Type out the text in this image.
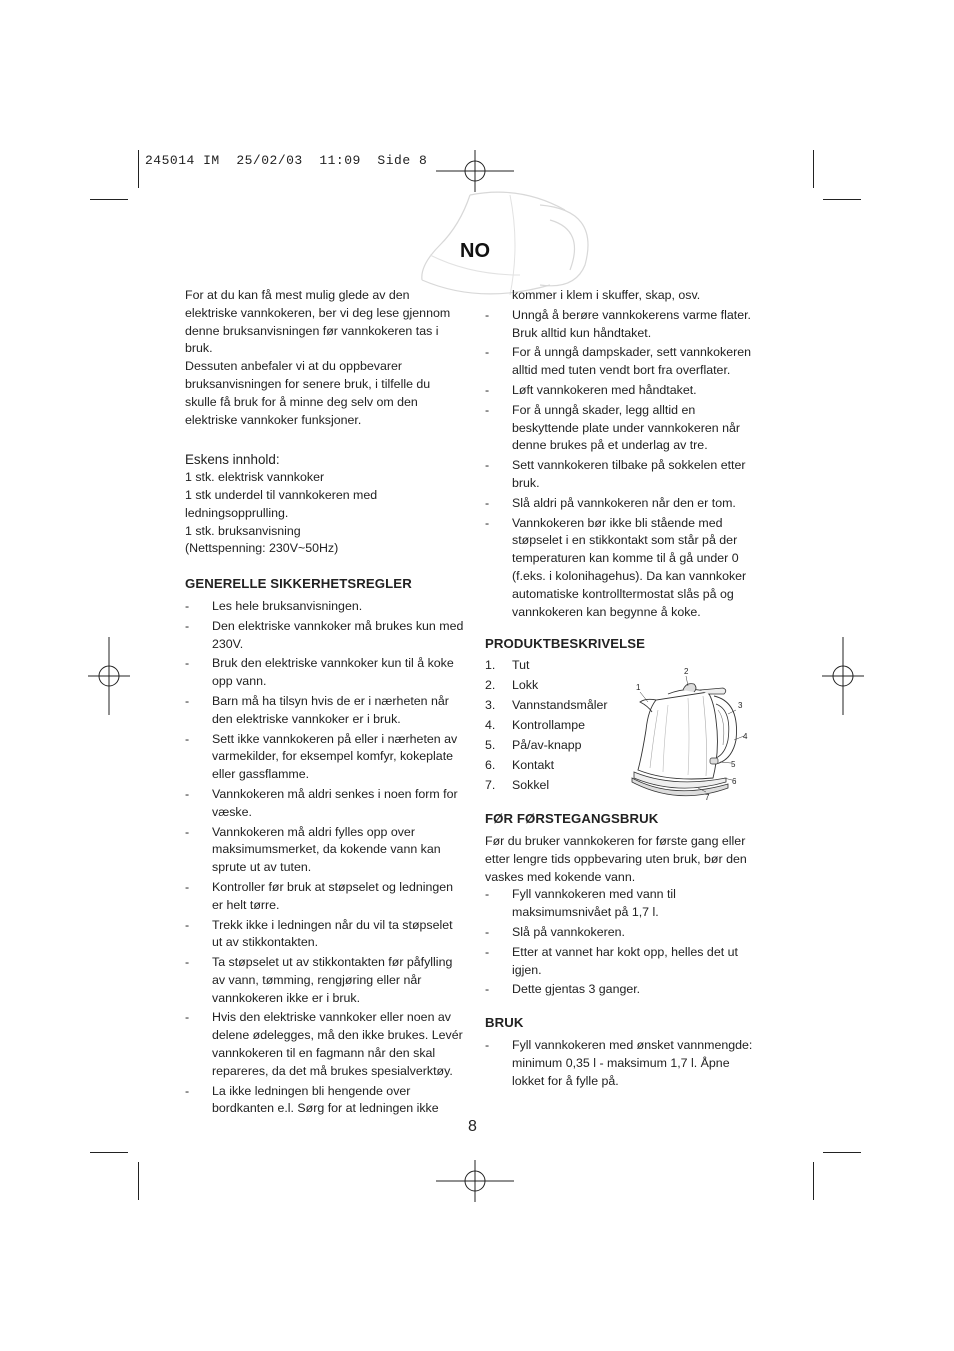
245014 IM  25/02/03  11:09  Side 8
NO

For at du kan få mest mulig glede av den elektriske vannkokeren, ber vi deg lese gjennom denne bruksanvisningen før vannkokeren tas i bruk.

Dessuten anbefaler vi at du oppbevarer bruksanvisningen for senere bruk, i tilfelle du skulle få bruk for å minne deg selv om den elektriske vannkoker funksjoner.

Eskens innhold:

1 stk. elektrisk vannkoker

1 stk underdel til vannkokeren med ledningsopprulling.

1 stk. bruksanvisning

(Nettspenning: 230V~50Hz)

GENERELLE SIKKERHETSREGLER
- Les hele bruksanvisningen.
- Den elektriske vannkoker må brukes kun med 230V.
- Bruk den elektriske vannkoker kun til å koke opp vann.
- Barn må ha tilsyn hvis de er i nærheten når den elektriske vannkoker er i bruk.
- Sett ikke vannkokeren på eller i nærheten av varmekilder, for eksempel komfyr, kokeplate eller gassflamme.
- Vannkokeren må aldri senkes i noen form for væske.
- Vannkokeren må aldri fylles opp over maksimumsmerket, da kokende vann kan sprute ut av tuten.
- Kontroller før bruk at støpselet og ledningen er helt tørre.
- Trekk ikke i ledningen når du vil ta støpselet ut av stikkontakten.
- Ta støpselet ut av stikkontakten før påfylling av vann, tømming, rengjøring eller når vannkokeren ikke er i bruk.
- Hvis den elektriske vannkoker eller noen av delene ødelegges, må den ikke brukes. Levér vannkokeren til en fagmann når den skal repareres, da det må brukes spesialverktøy.
- La ikke ledningen bli hengende over bordkanten e.l. Sørg for at ledningen ikke

kommer i klem i skuffer, skap, osv.

- Unngå å berøre vannkokerens varme flater. Bruk alltid kun håndtaket.
- For å unngå dampskader, sett vannkokeren alltid med tuten vendt bort fra overflater.
- Løft vannkokeren med håndtaket.
- For å unngå skader, legg alltid en beskyttende plate under vannkokeren når denne brukes på et underlag av tre.
- Sett vannkokeren tilbake på sokkelen etter bruk.
- Slå aldri på vannkokeren når den er tom.
- Vannkokeren bør ikke bli stående med støpselet i en stikkontakt som står på der temperaturen kan komme til å gå under 0 (f.eks. i kolonihagehus). Da kan vannkoker automatiske kontrolltermostat slås på og vannkokeren kan begynne å koke.
PRODUKTBESKRIVELSE
1. Tut
2. Lokk
3. Vannstandsmåler
4. Kontrollampe
5. På/av-knapp
6. Kontakt
7. Sokkel
FØR FØRSTEGANGSBRUK

Før du bruker vannkokeren for første gang eller etter lengre tids oppbevaring uten bruk, bør den vaskes med kokende vann.

- Fyll vannkokeren med vann til maksimumsnivået på 1,7 l.
- Slå på vannkokeren.
- Etter at vannet har kokt opp, helles det ut igjen.
- Dette gjentas 3 ganger.
BRUK
- Fyll vannkokeren med ønsket vannmengde: minimum 0,35 l - maksimum 1,7 l. Åpne lokket for å fylle på.
1
2
3
4
5
6
7
8
